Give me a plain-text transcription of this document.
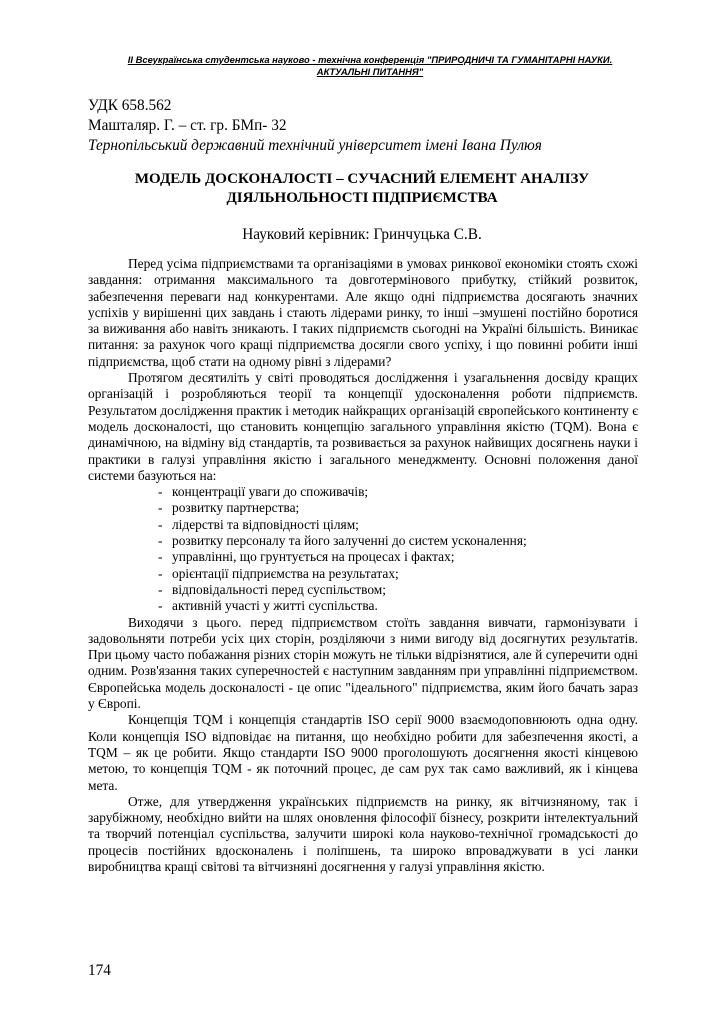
ІІ Всеукраїнська студентська науково - технічна конференція "ПРИРОДНИЧІ ТА ГУМАНІТАРНІ НАУКИ.
АКТУАЛЬНІ ПИТАННЯ"
УДК 658.562
Машталяр. Г. – ст. гр. БМп- 32
Тернопільський державний технічний університет імені Івана Пулюя
МОДЕЛЬ ДОСКОНАЛОСТІ – СУЧАСНИЙ ЕЛЕМЕНТ АНАЛІЗУ
ДІЯЛЬНОЛЬНОСТІ ПІДПРИЄМСТВА
Науковий керівник: Гринчуцька С.В.

Перед усіма підприємствами та організаціями в умовах ринкової економіки стоять схожі завдання: отримання максимального та довготермінового прибутку, стійкий розвиток, забезпечення переваги над конкурентами. Але якщо одні підприємства досягають значних успіхів у вирішенні цих завдань і стають лідерами ринку, то інші –змушені постійно боротися за виживання або навіть зникають. І таких підприємств сьогодні на Україні більшість. Виникає питання: за рахунок чого кращі підприємства досягли свого успіху, і що повинні робити інші підприємства, щоб стати на одному рівні з лідерами?

Протягом десятиліть у світі проводяться дослідження і узагальнення досвіду кращих організацій і розробляються теорії та концепції удосконалення роботи підприємств. Результатом дослідження практик і методик найкращих організацій європейського континенту є модель досконалості, що становить концепцію загального управління якістю (TQM). Вона є динамічною, на відміну від стандартів, та розвивається за рахунок найвищих досягнень науки і практики в галузі управління якістю і загального менеджменту. Основні положення даної системи базуються на:

- концентрації уваги до споживачів;
- розвитку партнерства;
- лідерстві та відповідності цілям;
- розвитку персоналу та його залученні до систем усконалення;
- управлінні, що грунтується на процесах і фактах;
- орієнтації підприємства на результатах;
- відповідальності перед суспільством;
- активній участі у житті суспільства.

Виходячи з цього. перед підприємством стоїть завдання вивчати, гармонізувати і задовольняти потреби усіх цих сторін, розділяючи з ними вигоду від досягнутих результатів. При цьому часто побажання різних сторін можуть не тільки відрізнятися, але й суперечити одні одним. Розв'язання таких суперечностей є наступним завданням при управлінні підприємством. Європейська модель досконалості - це опис "ідеального" підприємства, яким його бачать зараз у Європі.

Концепція TQM і концепція стандартів ISO серії 9000 взаємодоповнюють одна одну. Коли концепція ISO відповідає на питання, що необхідно робити для забезпечення якості, а TQM – як це робити. Якщо стандарти ISO 9000 проголошують досягнення якості кінцевою метою, то концепція TQM - як поточний процес, де сам рух так само важливий, як і кінцева мета.

Отже, для утвердження українських підприємств на ринку, як вітчизняному, так і зарубіжному, необхідно вийти на шлях оновлення філософії бізнесу, розкрити інтелектуальний та творчий потенціал суспільства, залучити широкі кола науково-технічної громадськості до процесів постійних вдосконалень і поліпшень, та широко впроваджувати в усі ланки виробництва кращі світові та вітчизняні досягнення у галузі управління якістю.

174
